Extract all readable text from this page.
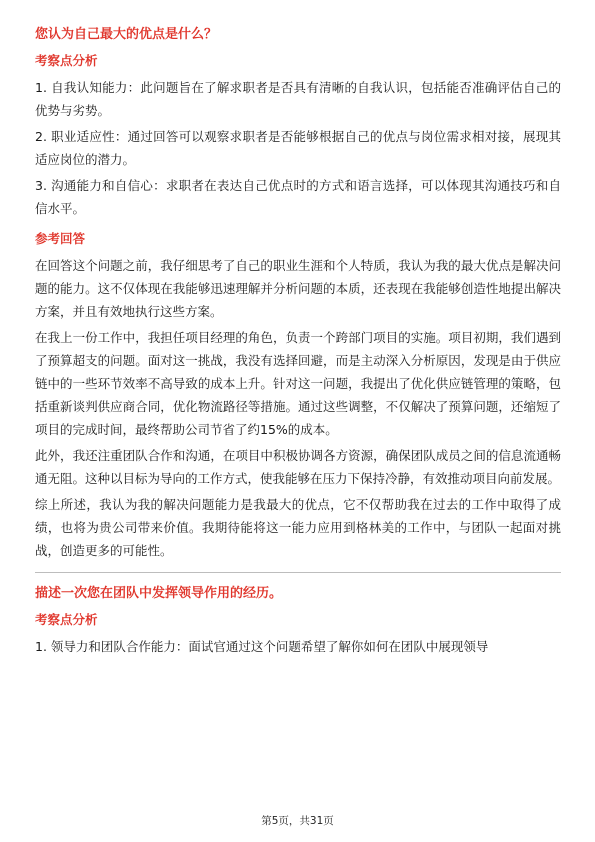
您认为自己最大的优点是什么？
考察点分析

1. 自我认知能力：此问题旨在了解求职者是否具有清晰的自我认识，包括能否准确评估自己的优势与劣势。

2. 职业适应性：通过回答可以观察求职者是否能够根据自己的优点与岗位需求相对接，展现其适应岗位的潜力。

3. 沟通能力和自信心：求职者在表达自己优点时的方式和语言选择，可以体现其沟通技巧和自信水平。

参考回答

在回答这个问题之前，我仔细思考了自己的职业生涯和个人特质，我认为我的最大优点是解决问题的能力。这不仅体现在我能够迅速理解并分析问题的本质，还表现在我能够创造性地提出解决方案，并且有效地执行这些方案。

在我上一份工作中，我担任项目经理的角色，负责一个跨部门项目的实施。项目初期，我们遇到了预算超支的问题。面对这一挑战，我没有选择回避，而是主动深入分析原因，发现是由于供应链中的一些环节效率不高导致的成本上升。针对这一问题，我提出了优化供应链管理的策略，包括重新谈判供应商合同，优化物流路径等措施。通过这些调整，不仅解决了预算问题，还缩短了项目的完成时间，最终帮助公司节省了约15%的成本。

此外，我还注重团队合作和沟通，在项目中积极协调各方资源，确保团队成员之间的信息流通畅通无阻。这种以目标为导向的工作方式，使我能够在压力下保持冷静，有效推动项目向前发展。

综上所述，我认为我的解决问题能力是我最大的优点，它不仅帮助我在过去的工作中取得了成绩，也将为贵公司带来价值。我期待能将这一能力应用到格林美的工作中，与团队一起面对挑战，创造更多的可能性。

描述一次您在团队中发挥领导作用的经历。
考察点分析

1. 领导力和团队合作能力：面试官通过这个问题希望了解你如何在团队中展现领导

第5页，共31页
